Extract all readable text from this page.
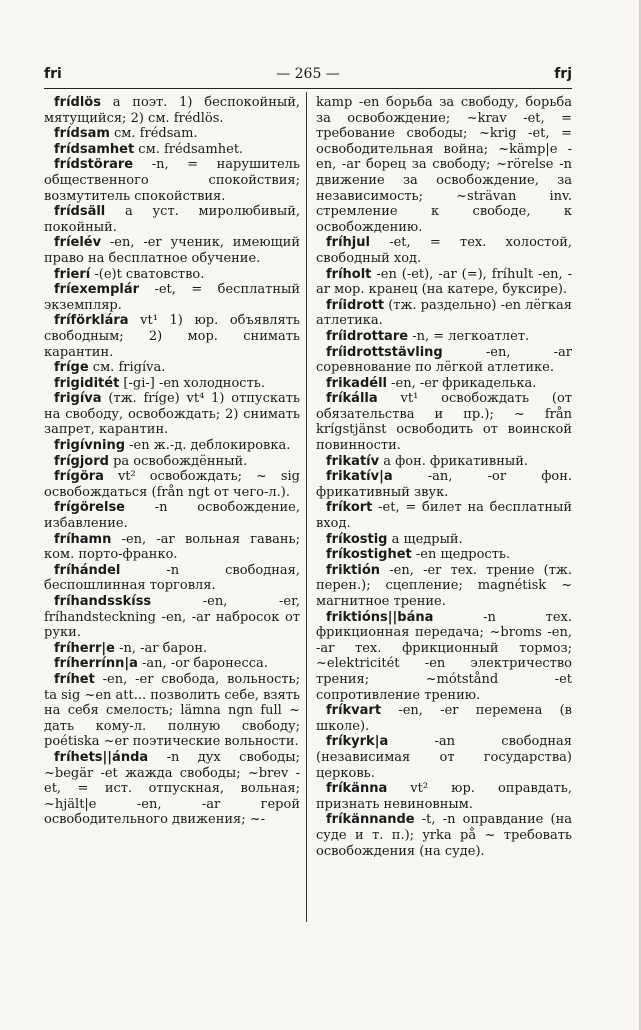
fri	— 265 —	frj

frídlös а поэт. 1) беспокойный, мятущийся; 2) см. frédlös.

frídsam см. frédsam.

frídsamhet см. frédsamhet.

frídstörare -n, = нарушитель общественного спокойствия; возмутитель спокойствия.

frídsäll а уст. миролюбивый, покойный.

fríelév -en, -er ученик, имеющий право на бесплатное обучение.

frierí -(e)t сватовство.

fríexemplár -et, = бесплатный экземпляр.

fríförklára vt¹ 1) юр. объявлять свободным; 2) мор. снимать карантин.

fríge см. frigíva.

frigiditét [-gi-] -en холодность.

frigíva (тж. fríge) vt⁴ 1) отпускать на свободу, освобождать; 2) снимать запрет, карантин.

frigívning -en ж.-д. деблокировка.

frígjord pa освобождённый.

frígöra vt² освобождать; ~ sig освобождаться (från ngt от чего-л.).

frígörelse -n освобождение, избавление.

fríhamn -en, -ar вольная гавань; ком. порто-франко.

fríhándel -n свободная, беспошлинная торговля.

fríhandsskíss -en, -er, fríhandsteckning -en, -ar набросок от руки.

fríherr|e -n, -ar барон.

fríherrínn|a -an, -or баронесса.

fríhet -en, -er свобода, вольность; ta sig ~en att... позволить себе, взять на себя смелость; lämna ngn full ~ дать кому-л. полную свободу; poétiska ~er поэтические вольности.

fríhets||ánda -n дух свободы; ~begär -et жажда свободы; ~brev -et, = ист. отпускная, вольная; ~hjält|e -en, -ar герой освободительного движения; ~-

kamp -en борьба за свободу, борьба за освобождение; ~krav -et, = требование свободы; ~krig -et, = освободительная война; ~kämp|e -en, -ar борец за свободу; ~rörelse -n движение за освобождение, за независимость; ~strävan inv. стремление к свободе, к освобождению.

fríhjul -et, = тех. холостой, свободный ход.

fríholt -en (-et), -ar (=), fríhult -en, -ar мор. кранец (на катере, буксире).

fríidrott (тж. раздельно) -en лёгкая атлетика.

fríidrottare -n, = легкоатлет.

fríidrottstävling -en, -ar соревнование по лёгкой атлетике.

frikadéll -en, -er фрикаделька.

fríkálla vt¹ освобождать (от обязательства и пр.); ~ från krígstjänst освободить от воинской повинности.

frikatív а фон. фрикативный.

frikatív|a -an, -or фон. фрикативный звук.

fríkort -et, = билет на бесплатный вход.

fríkostig а щедрый.

fríkostighet -en щедрость.

friktión -en, -er тех. трение (тж. перен.); сцепление; magnétisk ~ магнитное трение.

friktións||bána -n тех. фрикционная передача; ~broms -en, -ar тех. фрикционный тормоз; ~elektricitét -en электричество трения; ~mótstånd -et сопротивление трению.

fríkvart -en, -er перемена (в школе).

fríkyrk|a -an свободная (независимая от государства) церковь.

fríkänna vt² юр. оправдать, признать невиновным.

fríkännande -t, -n оправдание (на суде и т. п.); yrka på ~ требовать освобождения (на суде).
